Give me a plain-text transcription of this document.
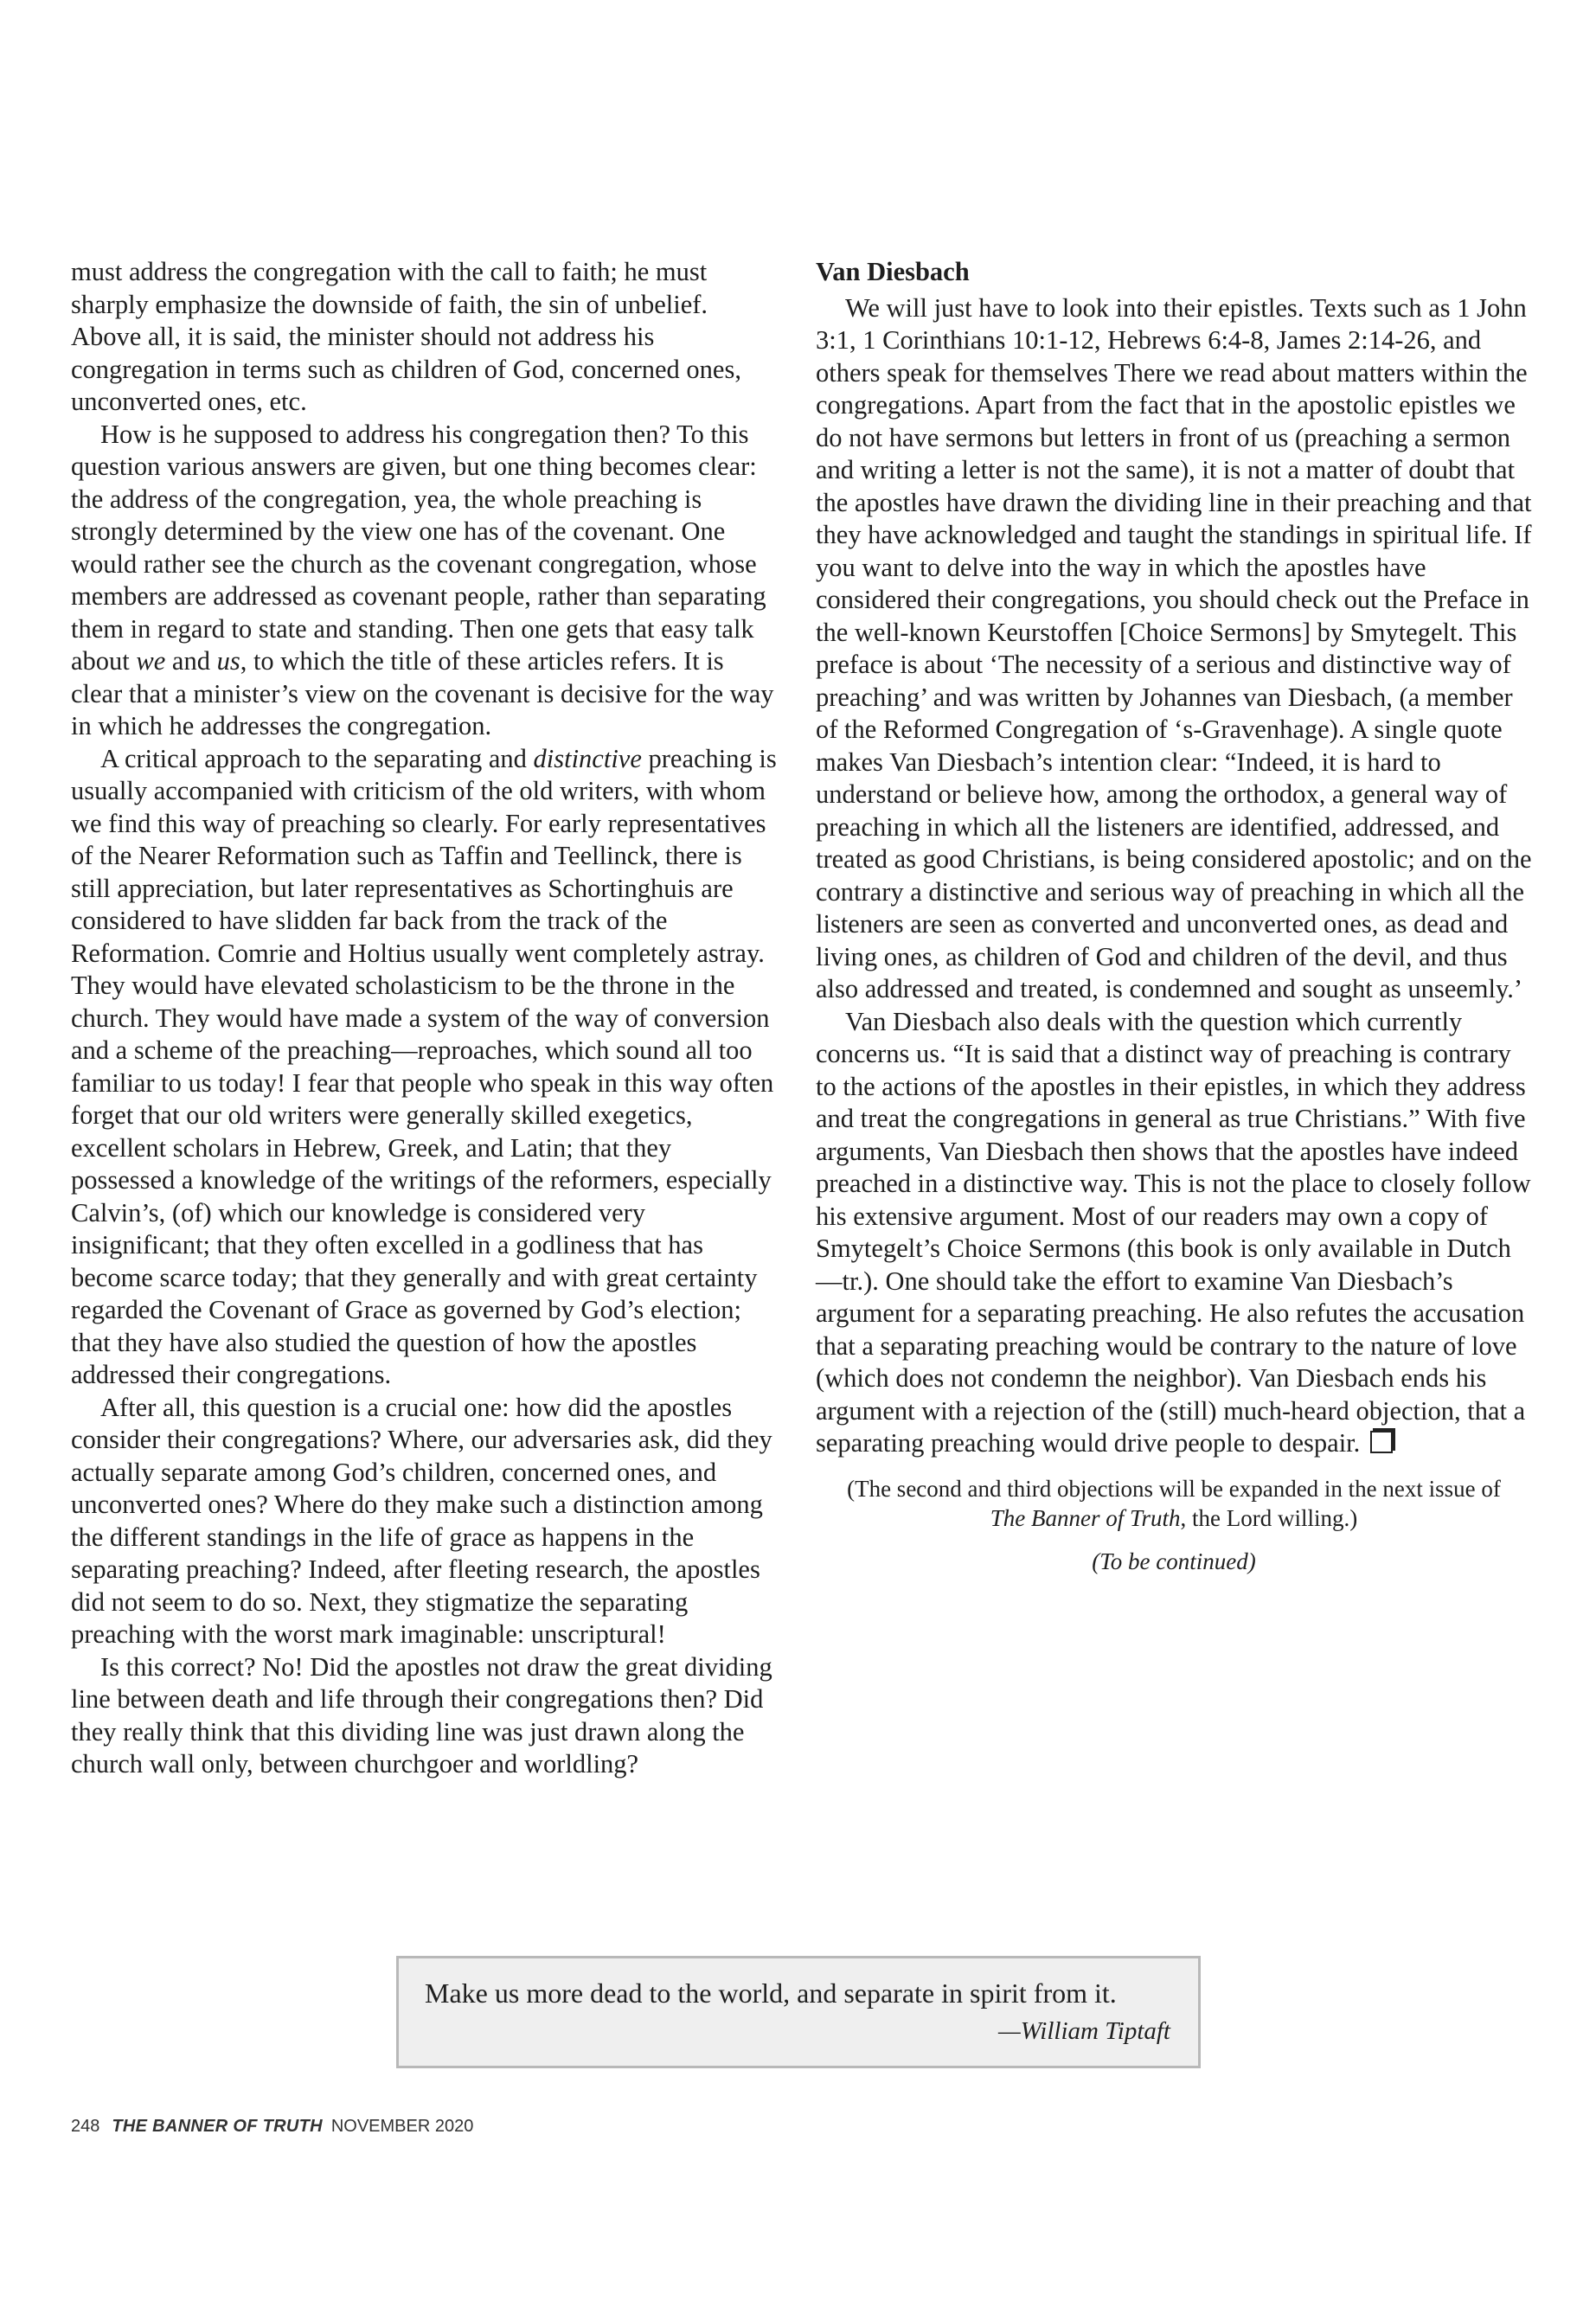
must address the congregation with the call to faith; he must sharply emphasize the downside of faith, the sin of unbelief. Above all, it is said, the minister should not address his congregation in terms such as children of God, concerned ones, unconverted ones, etc.

How is he supposed to address his congregation then? To this question various answers are given, but one thing becomes clear: the address of the congregation, yea, the whole preaching is strongly determined by the view one has of the covenant. One would rather see the church as the covenant congregation, whose members are addressed as covenant people, rather than separating them in regard to state and standing. Then one gets that easy talk about we and us, to which the title of these articles refers. It is clear that a minister’s view on the covenant is decisive for the way in which he addresses the congregation.

A critical approach to the separating and distinctive preaching is usually accompanied with criticism of the old writers, with whom we find this way of preaching so clearly. For early representatives of the Nearer Reformation such as Taffin and Teellinck, there is still appreciation, but later representatives as Schortinghuis are considered to have slidden far back from the track of the Reformation. Comrie and Holtius usually went completely astray. They would have elevated scholasticism to be the throne in the church. They would have made a system of the way of conversion and a scheme of the preaching—reproaches, which sound all too familiar to us today! I fear that people who speak in this way often forget that our old writers were generally skilled exegetics, excellent scholars in Hebrew, Greek, and Latin; that they possessed a knowledge of the writings of the reformers, especially Calvin’s, (of) which our knowledge is considered very insignificant; that they often excelled in a godliness that has become scarce today; that they generally and with great certainty regarded the Covenant of Grace as governed by God’s election; that they have also studied the question of how the apostles addressed their congregations.

After all, this question is a crucial one: how did the apostles consider their congregations? Where, our adversaries ask, did they actually separate among God’s children, concerned ones, and unconverted ones? Where do they make such a distinction among the different standings in the life of grace as happens in the separating preaching? Indeed, after fleeting research, the apostles did not seem to do so. Next, they stigmatize the separating preaching with the worst mark imaginable: unscriptural!

Is this correct? No! Did the apostles not draw the great dividing line between death and life through their congregations then? Did they really think that this dividing line was just drawn along the church wall only, between churchgoer and worldling?

Van Diesbach

We will just have to look into their epistles. Texts such as 1 John 3:1, 1 Corinthians 10:1-12, Hebrews 6:4-8, James 2:14-26, and others speak for themselves There we read about matters within the congregations. Apart from the fact that in the apostolic epistles we do not have sermons but letters in front of us (preaching a sermon and writing a letter is not the same), it is not a matter of doubt that the apostles have drawn the dividing line in their preaching and that they have acknowledged and taught the standings in spiritual life. If you want to delve into the way in which the apostles have considered their congregations, you should check out the Preface in the well-known Keurstoffen [Choice Sermons] by Smytegelt. This preface is about ‘The necessity of a serious and distinctive way of preaching’ and was written by Johannes van Diesbach, (a member of the Reformed Congregation of ‘s-Gravenhage). A single quote makes Van Diesbach’s intention clear: “Indeed, it is hard to understand or believe how, among the orthodox, a general way of preaching in which all the listeners are identified, addressed, and treated as good Christians, is being considered apostolic; and on the contrary a distinctive and serious way of preaching in which all the listeners are seen as converted and unconverted ones, as dead and living ones, as children of God and children of the devil, and thus also addressed and treated, is condemned and sought as unseemly.’

Van Diesbach also deals with the question which currently concerns us. “It is said that a distinct way of preaching is contrary to the actions of the apostles in their epistles, in which they address and treat the congregations in general as true Christians.” With five arguments, Van Diesbach then shows that the apostles have indeed preached in a distinctive way. This is not the place to closely follow his extensive argument. Most of our readers may own a copy of Smytegelt’s Choice Sermons (this book is only available in Dutch—tr.). One should take the effort to examine Van Diesbach’s argument for a separating preaching. He also refutes the accusation that a separating preaching would be contrary to the nature of love (which does not condemn the neighbor). Van Diesbach ends his argument with a rejection of the (still) much-heard objection, that a separating preaching would drive people to despair.

(The second and third objections will be expanded in the next issue of The Banner of Truth, the Lord willing.)

(To be continued)

Make us more dead to the world, and separate in spirit from it.
—William Tiptaft
248 THE BANNER OF TRUTH NOVEMBER 2020
